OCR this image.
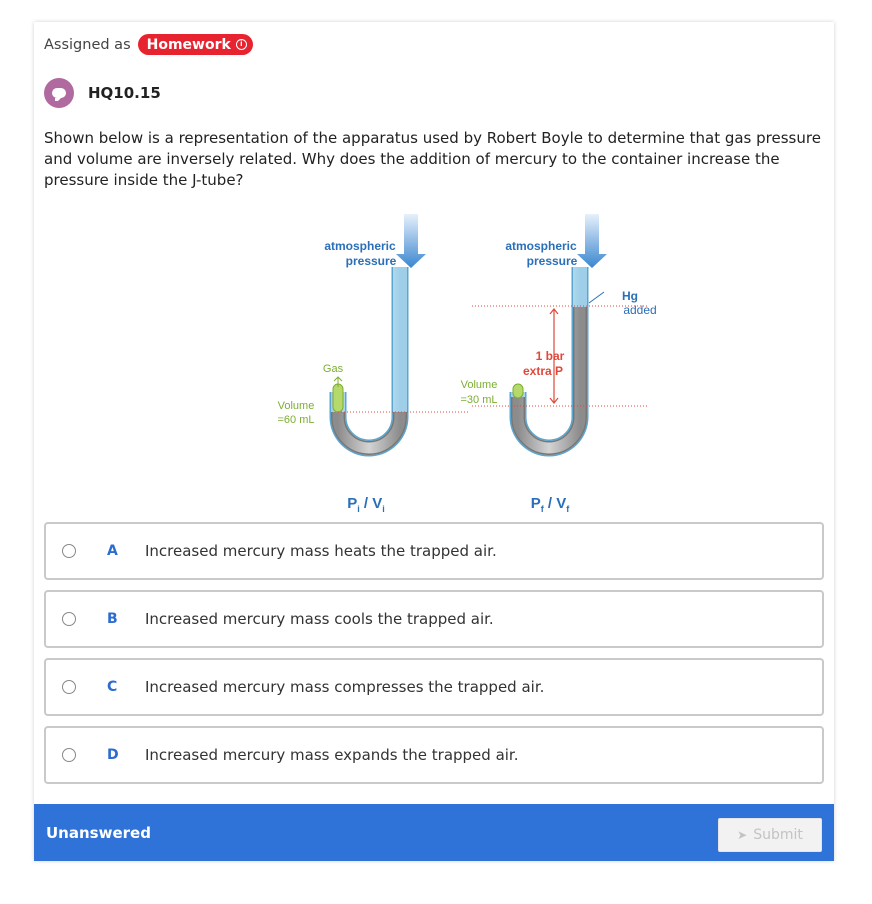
Assigned as Homework	i
HQ10.15
Shown below is a representation of the apparatus used by Robert Boyle to determine that gas pressure and volume are inversely related. Why does the addition of mercury to the container increase the pressure inside the J-tube?
atmospheric
pressure
Gas
Volume
=60 mL
$P_i / V_i$
atmospheric
pressure
Hg
added
1 bar
extra P
Volume
=30 mL
$P_f / V_f$
A Increased mercury mass heats the trapped air.
B Increased mercury mass cools the trapped air.
C Increased mercury mass compresses the trapped air.
D Increased mercury mass expands the trapped air.
Unanswered	➤ Submit
